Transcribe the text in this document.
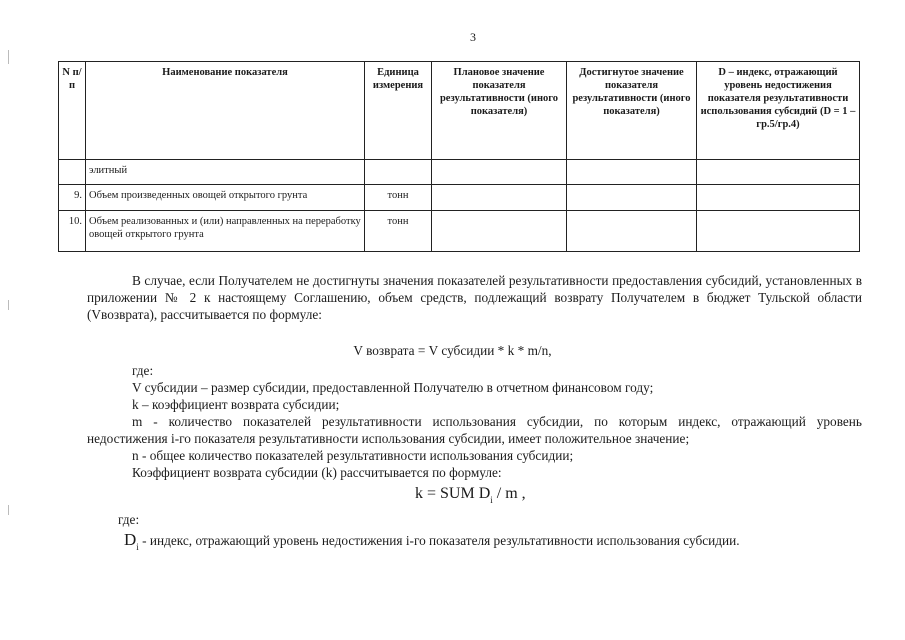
3
N п/п	Наименование показателя	Единица измерения	Плановое значение показателя результативности (иного показателя)	Достигнутое значение показателя результативности (иного показателя)	D – индекс, отражающий уровень недостижения показателя результативности использования субсидий (D = 1 – гр.5/гр.4)
	элитный				
9.	Объем произведенных овощей открытого грунта	тонн			
10.	Объем реализованных и (или) направленных на переработку овощей открытого грунта	тонн			
В случае, если Получателем не достигнуты значения показателей результативности предоставления субсидий, установленных в приложении № 2 к настоящему Соглашению, объем средств, подлежащий возврату Получателем в бюджет Тульской области (Vвозврата), рассчитывается по формуле:
V возврата = V субсидии * k * m/n,
где:
V субсидии – размер субсидии, предоставленной Получателю в отчетном финансовом году;
k – коэффициент возврата субсидии;
m - количество показателей результативности использования субсидии, по которым индекс, отражающий уровень недостижения i-го показателя результативности использования субсидии, имеет положительное значение;
n - общее количество показателей результативности использования субсидии;
Коэффициент возврата субсидии (k) рассчитывается по формуле:
k = SUM $D_i$ / m ,
где:
$D_i$ - индекс, отражающий уровень недостижения i-го показателя результативности использования субсидии.
